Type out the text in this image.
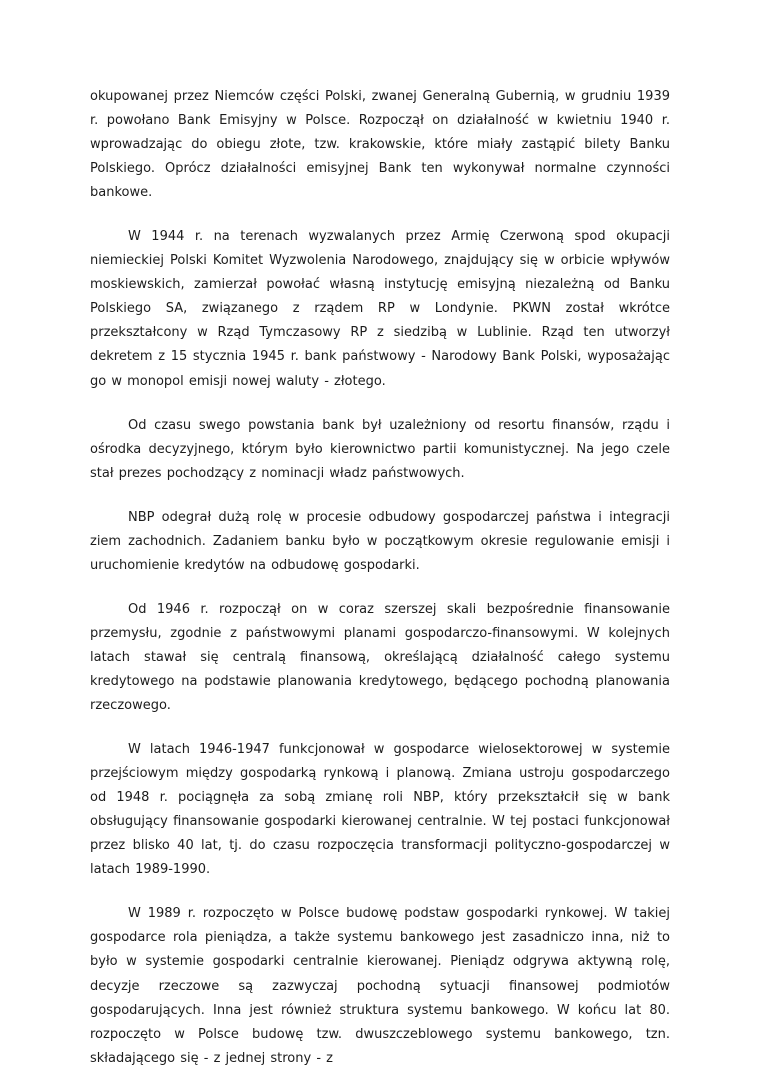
okupowanej przez Niemców części Polski, zwanej Generalną Gubernią, w grudniu 1939 r. powołano Bank Emisyjny w Polsce. Rozpoczął on działalność w kwietniu 1940 r. wprowadzając do obiegu złote, tzw. krakowskie, które miały zastąpić bilety Banku Polskiego. Oprócz działalności emisyjnej Bank ten wykonywał normalne czynności bankowe.

W 1944 r. na terenach wyzwalanych przez Armię Czerwoną spod okupacji niemieckiej Polski Komitet Wyzwolenia Narodowego, znajdujący się w orbicie wpływów moskiewskich, zamierzał powołać własną instytucję emisyjną niezależną od Banku Polskiego SA, związanego z rządem RP w Londynie. PKWN został wkrótce przekształcony w Rząd Tymczasowy RP z siedzibą w Lublinie. Rząd ten utworzył dekretem z 15 stycznia 1945 r. bank państwowy - Narodowy Bank Polski, wyposażając go w monopol emisji nowej waluty - złotego.

Od czasu swego powstania bank był uzależniony od resortu finansów, rządu i ośrodka decyzyjnego, którym było kierownictwo partii komunistycznej. Na jego czele stał prezes pochodzący z nominacji władz państwowych.

NBP odegrał dużą rolę w procesie odbudowy gospodarczej państwa i integracji ziem zachodnich. Zadaniem banku było w początkowym okresie regulowanie emisji i uruchomienie kredytów na odbudowę gospodarki.

Od 1946 r. rozpoczął on w coraz szerszej skali bezpośrednie finansowanie przemysłu, zgodnie z państwowymi planami gospodarczo-finansowymi. W kolejnych latach stawał się centralą finansową, określającą działalność całego systemu kredytowego na podstawie planowania kredytowego, będącego pochodną planowania rzeczowego.

W latach 1946-1947 funkcjonował w gospodarce wielosektorowej w systemie przejściowym między gospodarką rynkową i planową. Zmiana ustroju gospodarczego od 1948 r. pociągnęła za sobą zmianę roli NBP, który przekształcił się w bank obsługujący finansowanie gospodarki kierowanej centralnie. W tej postaci funkcjonował przez blisko 40 lat, tj. do czasu rozpoczęcia transformacji polityczno-gospodarczej w latach 1989-1990.

W 1989 r. rozpoczęto w Polsce budowę podstaw gospodarki rynkowej. W takiej gospodarce rola pieniądza, a także systemu bankowego jest zasadniczo inna, niż to było w systemie gospodarki centralnie kierowanej. Pieniądz odgrywa aktywną rolę, decyzje rzeczowe są zazwyczaj pochodną sytuacji finansowej podmiotów gospodarujących. Inna jest również struktura systemu bankowego. W końcu lat 80. rozpoczęto w Polsce budowę tzw. dwuszczeblowego systemu bankowego, tzn. składającego się - z jednej strony - z
